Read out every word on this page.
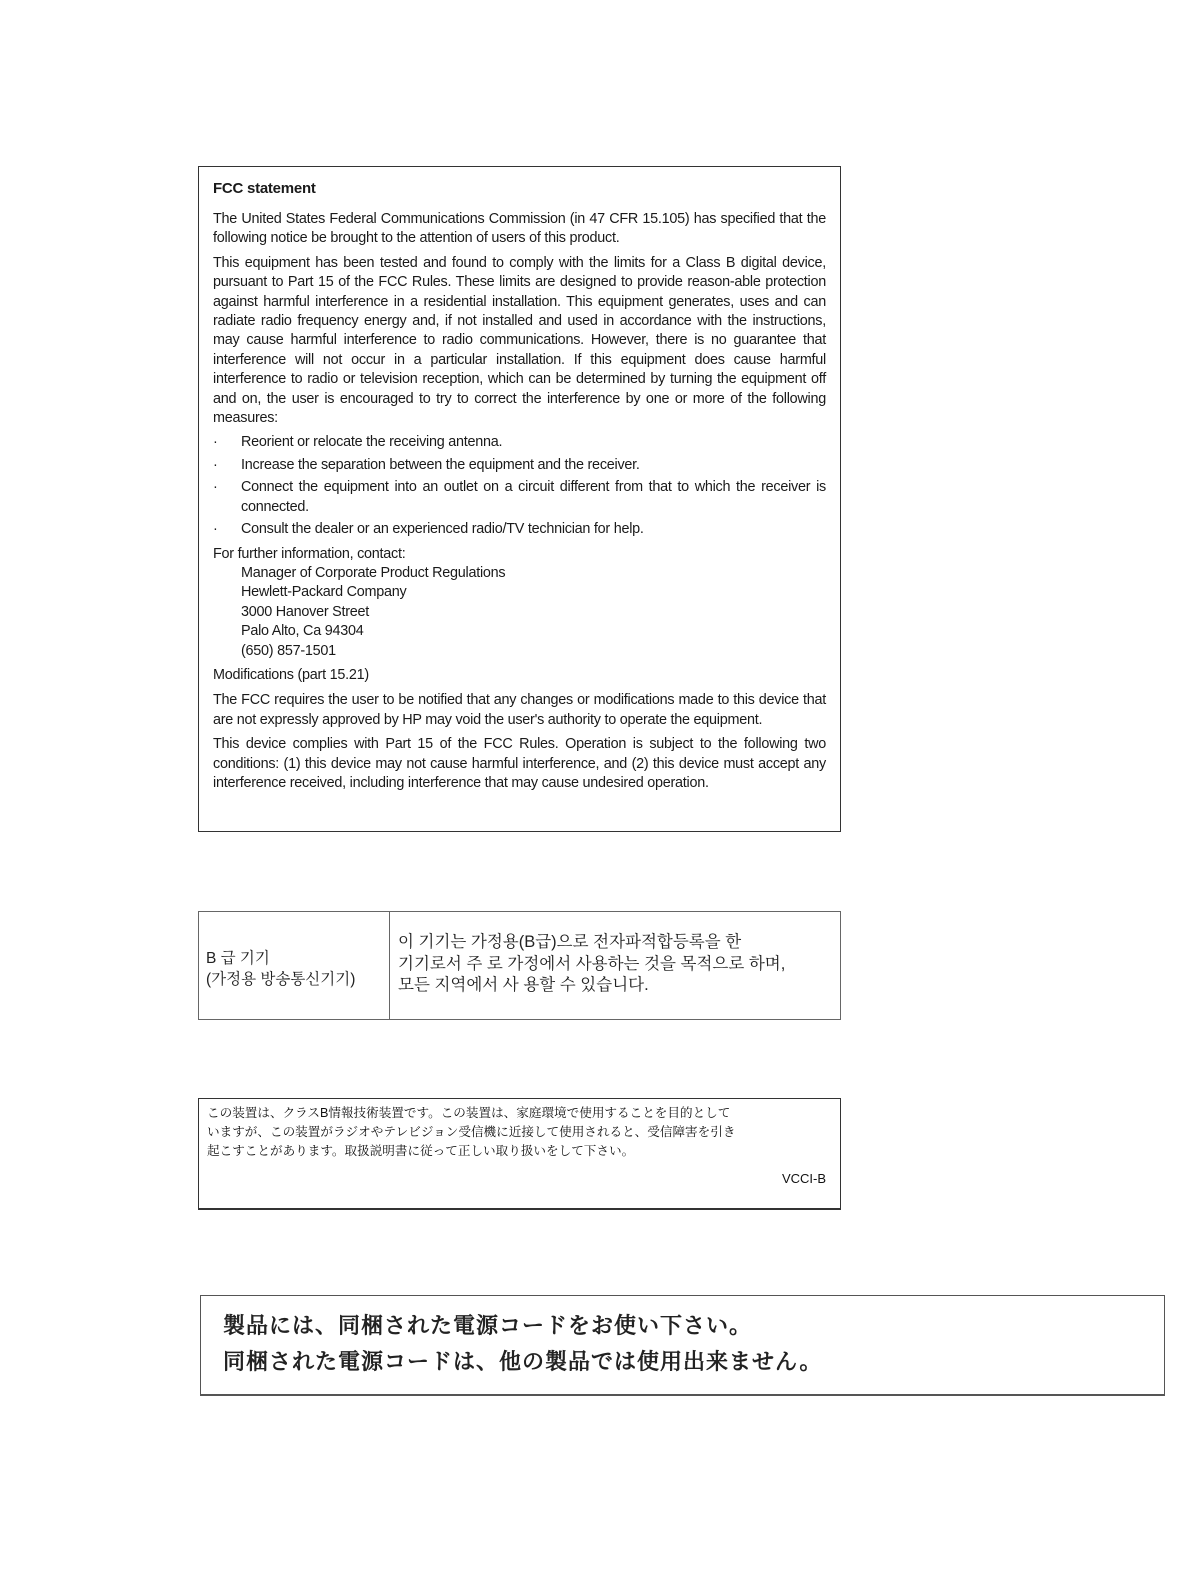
FCC statement

The United States Federal Communications Commission (in 47 CFR 15.105) has specified that the following notice be brought to the attention of users of this product.

This equipment has been tested and found to comply with the limits for a Class B digital device, pursuant to Part 15 of the FCC Rules. These limits are designed to provide reason-able protection against harmful interference in a residential installation. This equipment generates, uses and can radiate radio frequency energy and, if not installed and used in accordance with the instructions, may cause harmful interference to radio communications. However, there is no guarantee that interference will not occur in a particular installation. If this equipment does cause harmful interference to radio or television reception, which can be determined by turning the equipment off and on, the user is encouraged to try to correct the interference by one or more of the following measures:

· Reorient or relocate the receiving antenna.
· Increase the separation between the equipment and the receiver.
· Connect the equipment into an outlet on a circuit different from that to which the receiver is connected.
· Consult the dealer or an experienced radio/TV technician for help.

For further information, contact:

Manager of Corporate Product Regulations
Hewlett-Packard Company
3000 Hanover Street
Palo Alto, Ca 94304
(650) 857-1501

Modifications (part 15.21)

The FCC requires the user to be notified that any changes or modifications made to this device that are not expressly approved by HP may void the user's authority to operate the equipment.

This device complies with Part 15 of the FCC Rules. Operation is subject to the following two conditions: (1) this device may not cause harmful interference, and (2) this device must accept any interference received, including interference that may cause undesired operation.

B 급 기기
(가정용 방송통신기기)
이 기기는 가정용(B급)으로 전자파적합등록을 한
기기로서 주 로 가정에서 사용하는 것을 목적으로 하며,
모든 지역에서 사 용할 수 있습니다.
この装置は、クラスB情報技術装置です。この装置は、家庭環境で使用することを目的として
いますが、この装置がラジオやテレビジョン受信機に近接して使用されると、受信障害を引き
起こすことがあります。取扱説明書に従って正しい取り扱いをして下さい。
VCCI-B
製品には、同梱された電源コードをお使い下さい。
同梱された電源コードは、他の製品では使用出来ません。
